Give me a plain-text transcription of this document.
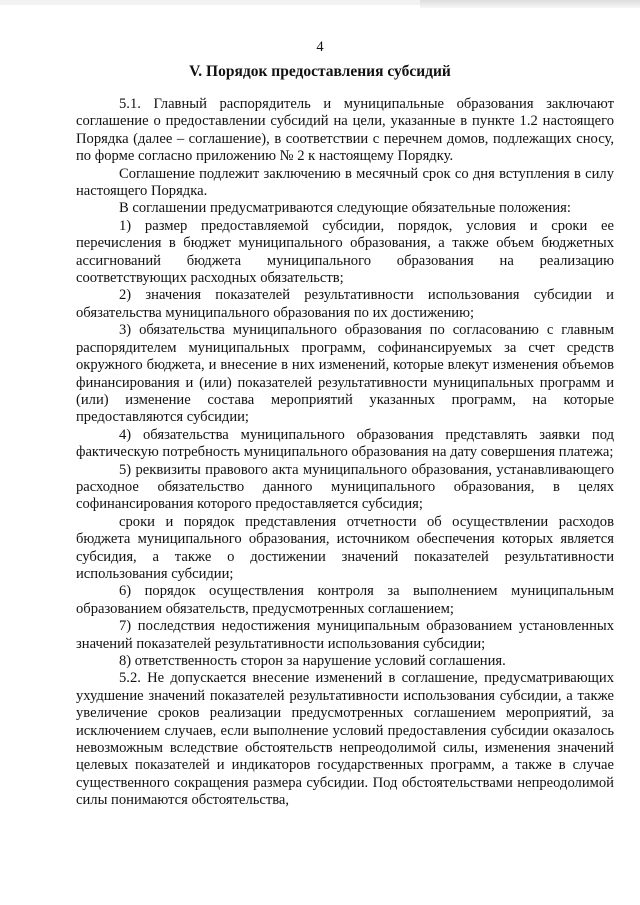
4
V. Порядок предоставления субсидий

5.1. Главный распорядитель и муниципальные образования заключают соглашение о предоставлении субсидий на цели, указанные в пункте 1.2 настоящего Порядка (далее – соглашение), в соответствии с перечнем домов, подлежащих сносу, по форме согласно приложению № 2 к настоящему Порядку.

Соглашение подлежит заключению в месячный срок со дня вступления в силу настоящего Порядка.

В соглашении предусматриваются следующие обязательные положения:

1) размер предоставляемой субсидии, порядок, условия и сроки ее перечисления в бюджет муниципального образования, а также объем бюджетных ассигнований бюджета муниципального образования на реализацию соответствующих расходных обязательств;

2) значения показателей результативности использования субсидии и обязательства муниципального образования по их достижению;

3) обязательства муниципального образования по согласованию с главным распорядителем муниципальных программ, софинансируемых за счет средств окружного бюджета, и внесение в них изменений, которые влекут изменения объемов финансирования и (или) показателей результативности муниципальных программ и (или) изменение состава мероприятий указанных программ, на которые предоставляются субсидии;

4) обязательства муниципального образования представлять заявки под фактическую потребность муниципального образования на дату совершения платежа;

5) реквизиты правового акта муниципального образования, устанавливающего расходное обязательство данного муниципального образования, в целях софинансирования которого предоставляется субсидия;

сроки и порядок представления отчетности об осуществлении расходов бюджета муниципального образования, источником обеспечения которых является субсидия, а также о достижении значений показателей результативности использования субсидии;

6) порядок осуществления контроля за выполнением муниципальным образованием обязательств, предусмотренных соглашением;

7) последствия недостижения муниципальным образованием установленных значений показателей результативности использования субсидии;

8) ответственность сторон за нарушение условий соглашения.

5.2. Не допускается внесение изменений в соглашение, предусматривающих ухудшение значений показателей результативности использования субсидии, а также увеличение сроков реализации предусмотренных соглашением мероприятий, за исключением случаев, если выполнение условий предоставления субсидии оказалось невозможным вследствие обстоятельств непреодолимой силы, изменения значений целевых показателей и индикаторов государственных программ, а также в случае существенного сокращения размера субсидии. Под обстоятельствами непреодолимой силы понимаются обстоятельства,
